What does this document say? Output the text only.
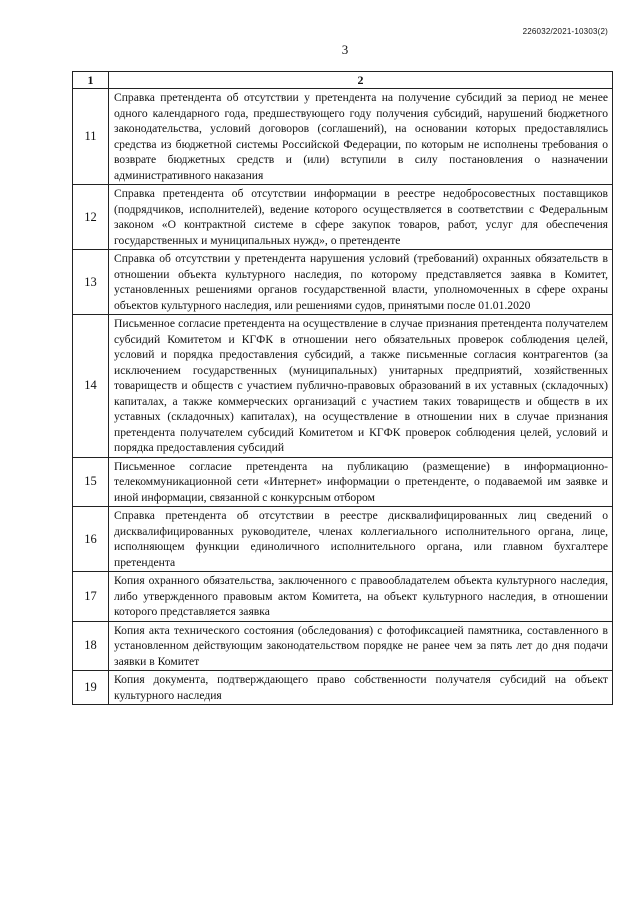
226032/2021-10303(2)
3
1	2
11	Справка претендента об отсутствии у претендента на получение субсидий за период не менее одного календарного года, предшествующего году получения субсидий, нарушений бюджетного законодательства, условий договоров (соглашений), на основании которых предоставлялись средства из бюджетной системы Российской Федерации, по которым не исполнены требования о возврате бюджетных средств и (или) вступили в силу постановления о назначении административного наказания
12	Справка претендента об отсутствии информации в реестре недобросовестных поставщиков (подрядчиков, исполнителей), ведение которого осуществляется в соответствии с Федеральным законом «О контрактной системе в сфере закупок товаров, работ, услуг для обеспечения государственных и муниципальных нужд», о претенденте
13	Справка об отсутствии у претендента нарушения условий (требований) охранных обязательств в отношении объекта культурного наследия, по которому представляется заявка в Комитет, установленных решениями органов государственной власти, уполномоченных в сфере охраны объектов культурного наследия, или решениями судов, принятыми после 01.01.2020
14	Письменное согласие претендента на осуществление в случае признания претендента получателем субсидий Комитетом и КГФК в отношении него обязательных проверок соблюдения целей, условий и порядка предоставления субсидий, а также письменные согласия контрагентов (за исключением государственных (муниципальных) унитарных предприятий, хозяйственных товариществ и обществ с участием публично-правовых образований в их уставных (складочных) капиталах, а также коммерческих организаций с участием таких товариществ и обществ в их уставных (складочных) капиталах), на осуществление в отношении них в случае признания претендента получателем субсидий Комитетом и КГФК проверок соблюдения целей, условий и порядка предоставления субсидий
15	Письменное согласие претендента на публикацию (размещение) в информационно-телекоммуникационной сети «Интернет» информации о претенденте, о подаваемой им заявке и иной информации, связанной с конкурсным отбором
16	Справка претендента об отсутствии в реестре дисквалифицированных лиц сведений о дисквалифицированных руководителе, членах коллегиального исполнительного органа, лице, исполняющем функции единоличного исполнительного органа, или главном бухгалтере претендента
17	Копия охранного обязательства, заключенного с правообладателем объекта культурного наследия, либо утвержденного правовым актом Комитета, на объект культурного наследия, в отношении которого представляется заявка
18	Копия акта технического состояния (обследования) с фотофиксацией памятника, составленного в установленном действующим законодательством порядке не ранее чем за пять лет до дня подачи заявки в Комитет
19	Копия документа, подтверждающего право собственности получателя субсидий на объект культурного наследия
